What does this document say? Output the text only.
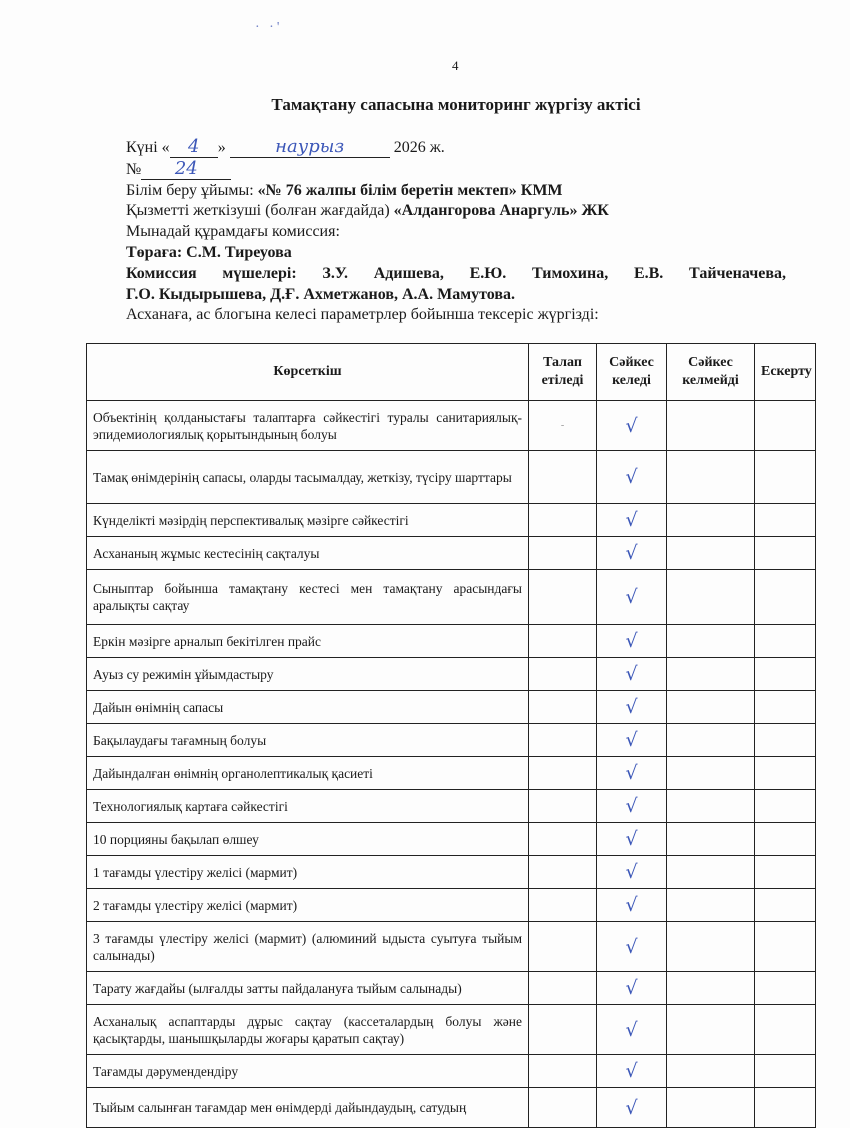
· ·'
4
Тамақтану сапасына мониторинг жүргізу актісі
Күні « 4 »	наурыз	2026 ж.
№ 24
Білім беру ұйымы: «№ 76 жалпы білім беретін мектеп» КММ
Қызметті жеткізуші (болған жағдайда) «Алдангорова Анаргуль» ЖК
Мынадай құрамдағы комиссия:
Төраға: С.М. Тиреуова
Комиссия мүшелері: З.У. Адишева, Е.Ю. Тимохина, Е.В. Тайченачева,
Г.О. Кыдырышева, Д.Ғ. Ахметжанов, А.А. Мамутова.
Асханаға, ас блогына келесі параметрлер бойынша тексеріс жүргізді:
Көрсеткіш	Талап етіледі	Сәйкес келеді	Сәйкес келмейді	Ескерту
Объектінің қолданыстағы талаптарға сәйкестігі туралы санитариялық-эпидемиологиялық қорытындының болуы	-	√		
Тамақ өнімдерінің сапасы, оларды тасымалдау, жеткізу, түсіру шарттары		√		
Күнделікті мәзірдің перспективалық мәзірге сәйкестігі		√		
Асхананың жұмыс кестесінің сақталуы		√		
Сыныптар бойынша тамақтану кестесі мен тамақтану арасындағы аралықты сақтау		√		
Еркін мәзірге арналып бекітілген прайс		√		
Ауыз су режимін ұйымдастыру		√		
Дайын өнімнің сапасы		√		
Бақылаудағы тағамның болуы		√		
Дайындалған өнімнің органолептикалық қасиеті		√		
Технологиялық картаға сәйкестігі		√		
10 порцияны бақылап өлшеу		√		
1 тағамды үлестіру желісі (мармит)		√		
2 тағамды үлестіру желісі (мармит)		√		
3 тағамды үлестіру желісі (мармит) (алюминий ыдыста суытуға тыйым салынады)		√		
Тарату жағдайы (ылғалды затты пайдалануға тыйым салынады)		√		
Асханалық аспаптарды дұрыс сақтау (кассеталардың болуы және қасықтарды, шанышқыларды жоғары қаратып сақтау)		√		
Тағамды дәрумендендіру		√		
Тыйым салынған тағамдар мен өнімдерді дайындаудың, сатудың		√		
